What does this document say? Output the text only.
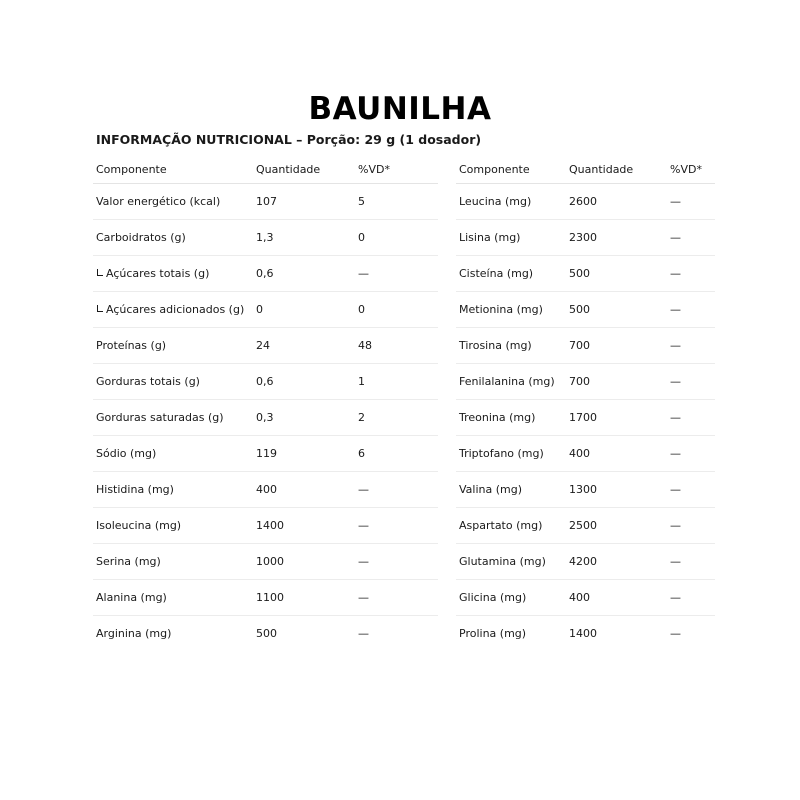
BAUNILHA
INFORMAÇÃO NUTRICIONAL – Porção: 29 g (1 dosador)
Componente	Quantidade	%VD*
Valor energético (kcal)	107	5
Carboidratos (g)	1,3	0
Açúcares totais (g)	0,6	—
Açúcares adicionados (g) 0	0
Proteínas (g)	24	48
Gorduras totais (g)	0,6	1
Gorduras saturadas (g)	0,3	2
Sódio (mg)	119	6
Histidina (mg)	400	—
Isoleucina (mg)	1400	—
Serina (mg)	1000	—
Alanina (mg)	1100	—
Arginina (mg)	500	—
Componente	Quantidade	%VD*
Leucina (mg)	2600	—
Lisina (mg)	2300	—
Cisteína (mg)	500	—
Metionina (mg) 500	—
Tirosina (mg)	700	—
Fenilalanina (mg) 700	—
Treonina (mg)	1700	—
Triptofano (mg) 400	—
Valina (mg)	1300	—
Aspartato (mg) 2500	—
Glutamina (mg) 4200	—
Glicina (mg)	400	—
Prolina (mg)	1400	—
